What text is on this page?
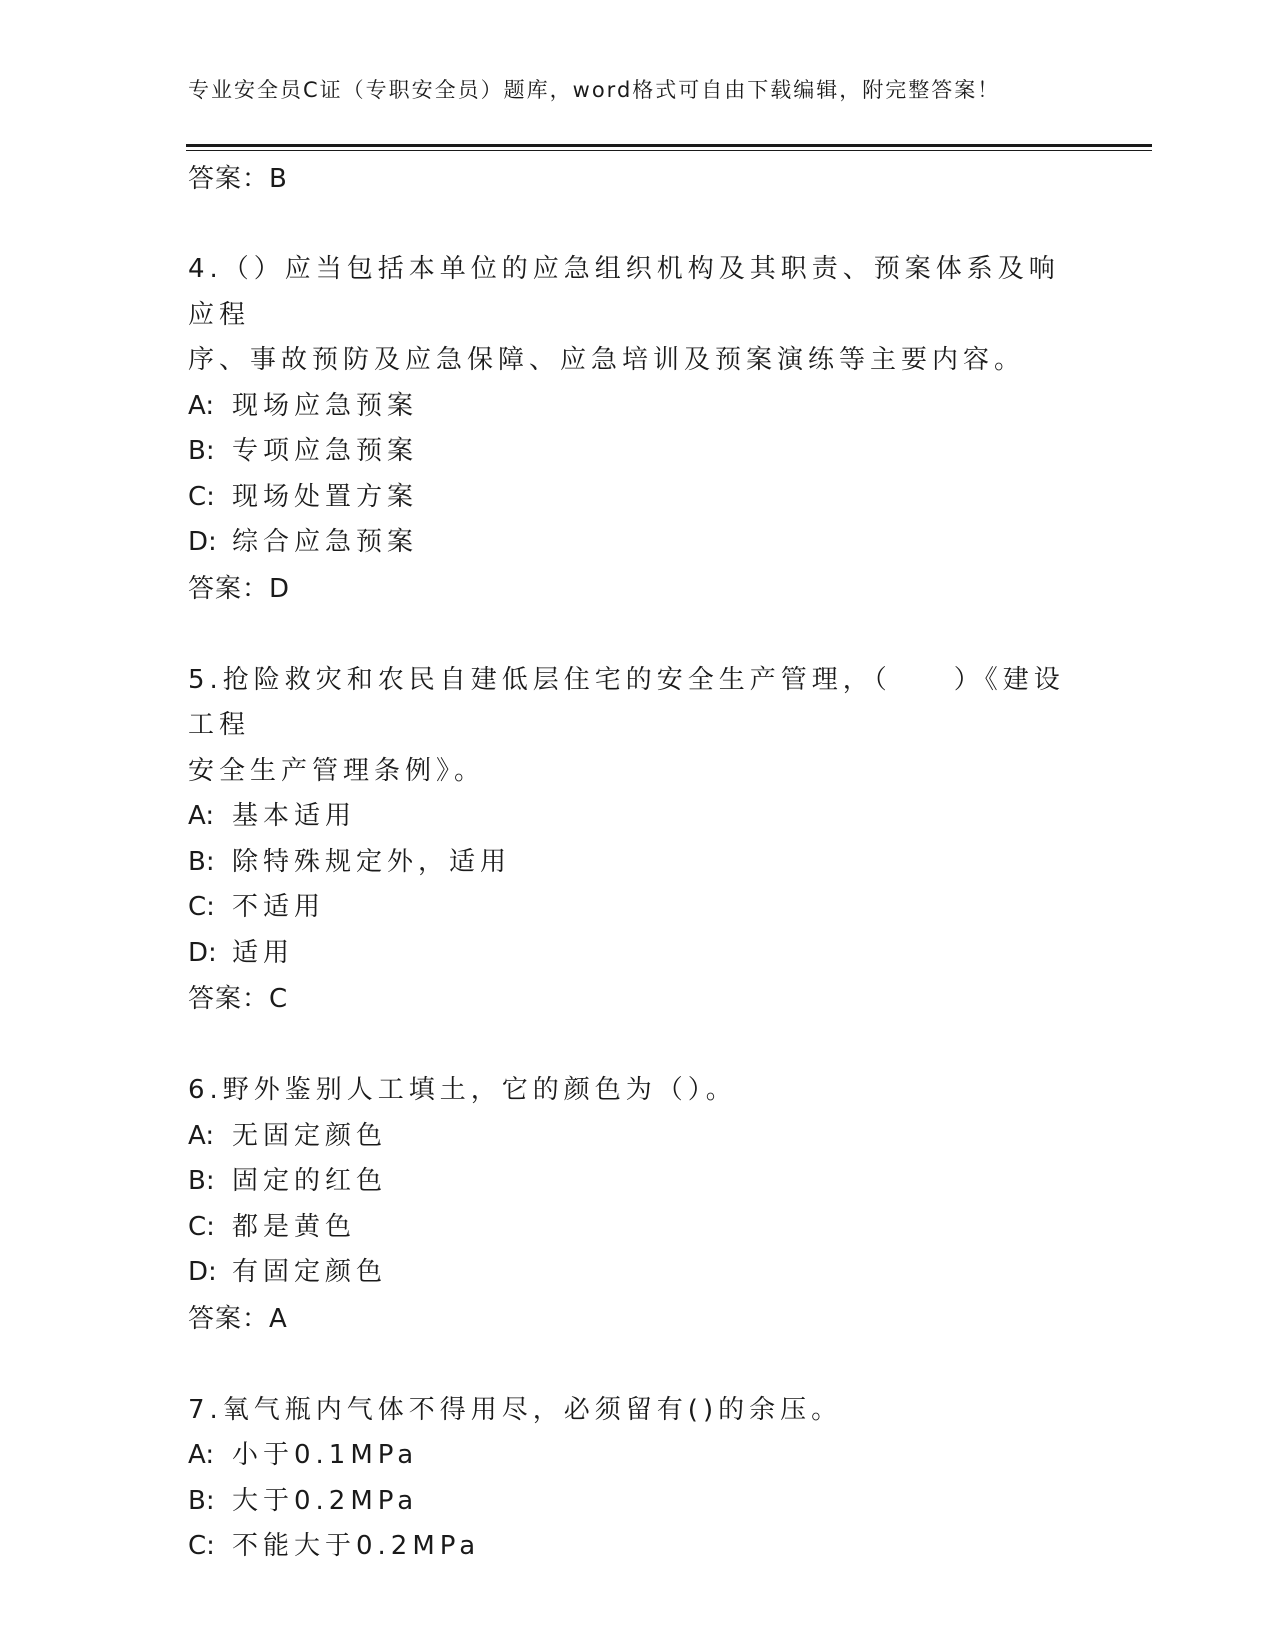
专业安全员C证（专职安全员）题库，word格式可自由下载编辑，附完整答案！
答案：B
4.（）应当包括本单位的应急组织机构及其职责、预案体系及响应程
序、事故预防及应急保障、应急培训及预案演练等主要内容。
A: 现场应急预案
B: 专项应急预案
C: 现场处置方案
D: 综合应急预案
答案：D
5.抢险救灾和农民自建低层住宅的安全生产管理，（　　）《建设工程
安全生产管理条例》。
A: 基本适用
B: 除特殊规定外，适用
C: 不适用
D: 适用
答案：C
6.野外鉴别人工填土，它的颜色为（）。
A: 无固定颜色
B: 固定的红色
C: 都是黄色
D: 有固定颜色
答案：A
7.氧气瓶内气体不得用尽，必须留有()的余压。
A: 小于0.1MPa
B: 大于0.2MPa
C: 不能大于0.2MPa
